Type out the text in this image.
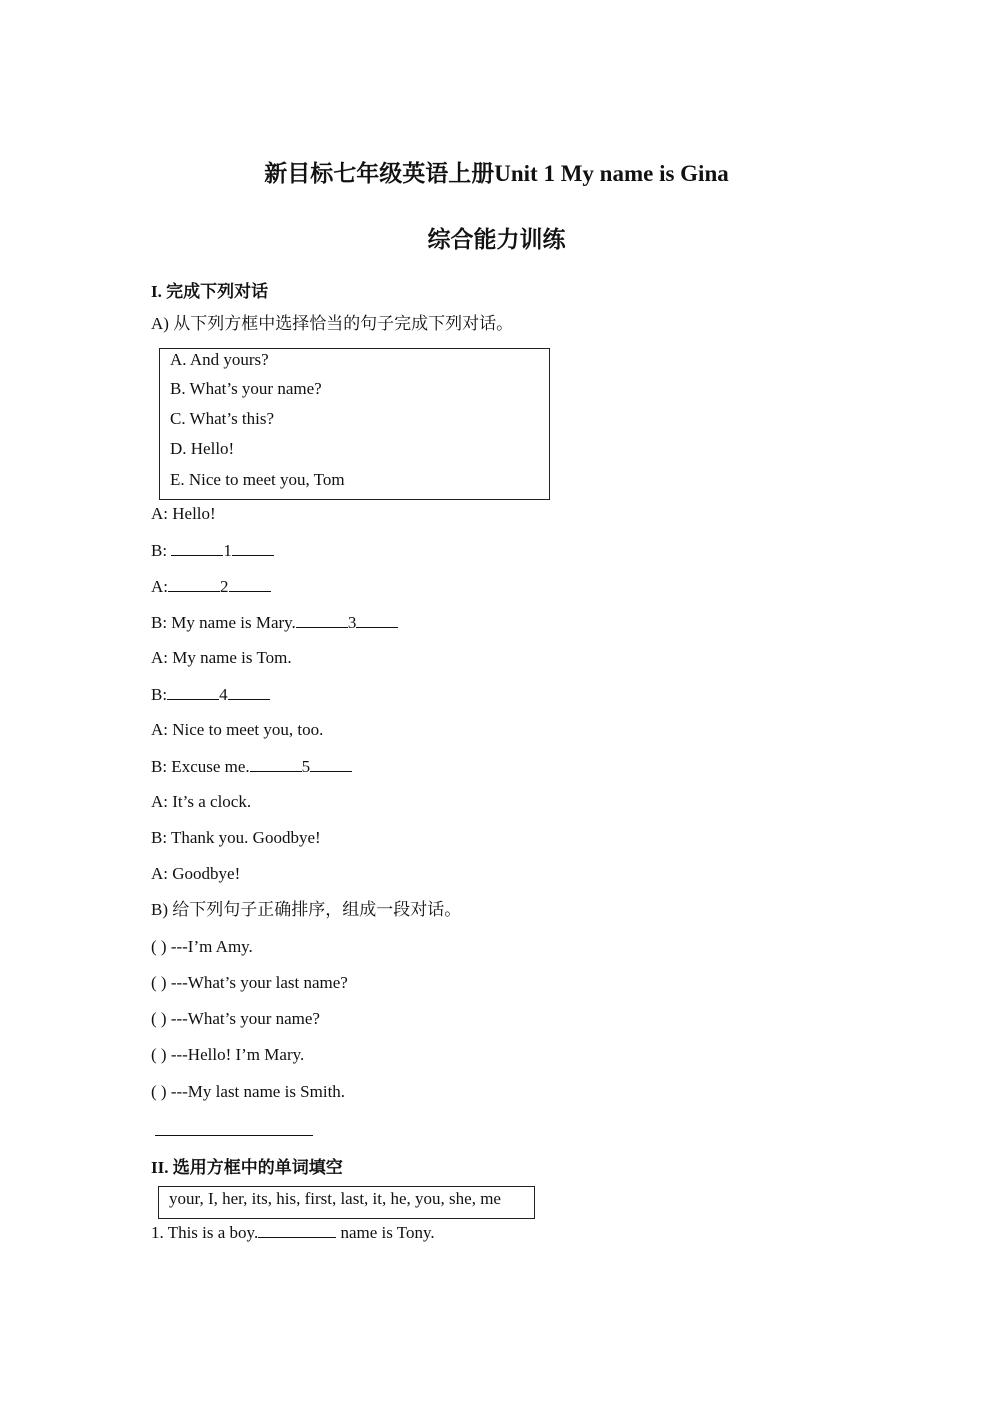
新目标七年级英语上册Unit 1 My name is Gina
综合能力训练
I. 完成下列对话
A) 从下列方框中选择恰当的句子完成下列对话。
A. And yours?
B. What’s your name?
C. What’s this?
D. Hello!
E. Nice to meet you, Tom
A: Hello!
B:	1
A:	2
B: My name is Mary.	3
A: My name is Tom.
B:	4
A: Nice to meet you, too.
B: Excuse me.	5
A: It’s a clock.
B: Thank you. Goodbye!
A: Goodbye!
B) 给下列句子正确排序，组成一段对话。
( ) ---I’m Amy.
( ) ---What’s your last name?
( ) ---What’s your name?
( ) ---Hello! I’m Mary.
( ) ---My last name is Smith.
II. 选用方框中的单词填空
your, I, her, its, his, first, last, it, he, you, she, me
1. This is a boy.	name is Tony.
